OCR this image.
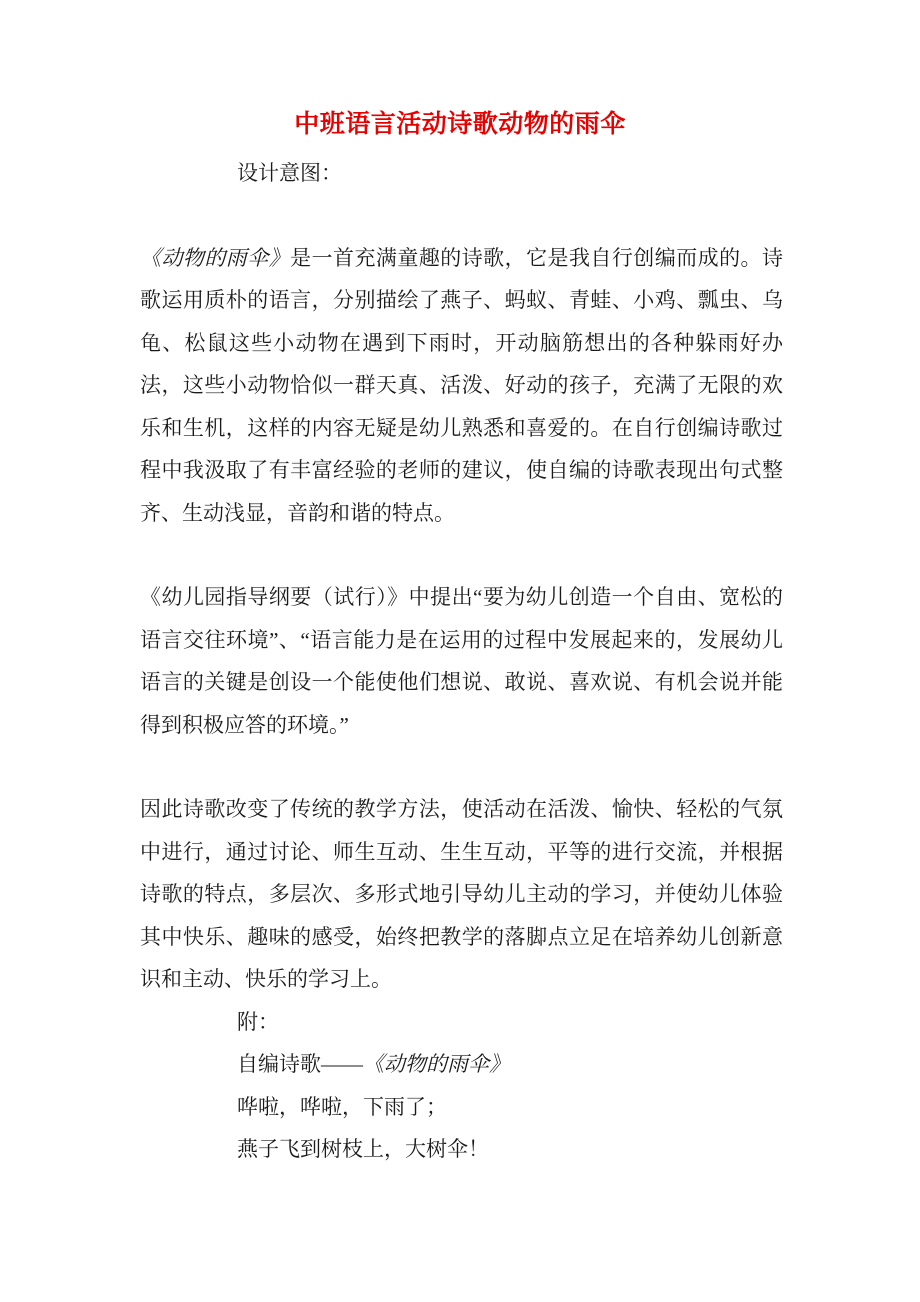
中班语言活动诗歌动物的雨伞
设计意图：
《动物的雨伞》是一首充满童趣的诗歌，它是我自行创编而成的。诗歌运用质朴的语言，分别描绘了燕子、蚂蚁、青蛙、小鸡、瓢虫、乌龟、松鼠这些小动物在遇到下雨时，开动脑筋想出的各种躲雨好办法，这些小动物恰似一群天真、活泼、好动的孩子，充满了无限的欢乐和生机，这样的内容无疑是幼儿熟悉和喜爱的。在自行创编诗歌过程中我汲取了有丰富经验的老师的建议，使自编的诗歌表现出句式整齐、生动浅显，音韵和谐的特点。
《幼儿园指导纲要（试行）》中提出“要为幼儿创造一个自由、宽松的语言交往环境”、“语言能力是在运用的过程中发展起来的，发展幼儿语言的关键是创设一个能使他们想说、敢说、喜欢说、有机会说并能得到积极应答的环境。”
因此诗歌改变了传统的教学方法，使活动在活泼、愉快、轻松的气氛中进行，通过讨论、师生互动、生生互动，平等的进行交流，并根据诗歌的特点，多层次、多形式地引导幼儿主动的学习，并使幼儿体验其中快乐、趣味的感受，始终把教学的落脚点立足在培养幼儿创新意识和主动、快乐的学习上。
附：
自编诗歌——《动物的雨伞》
哗啦，哗啦，下雨了；
燕子飞到树枝上，大树伞！
